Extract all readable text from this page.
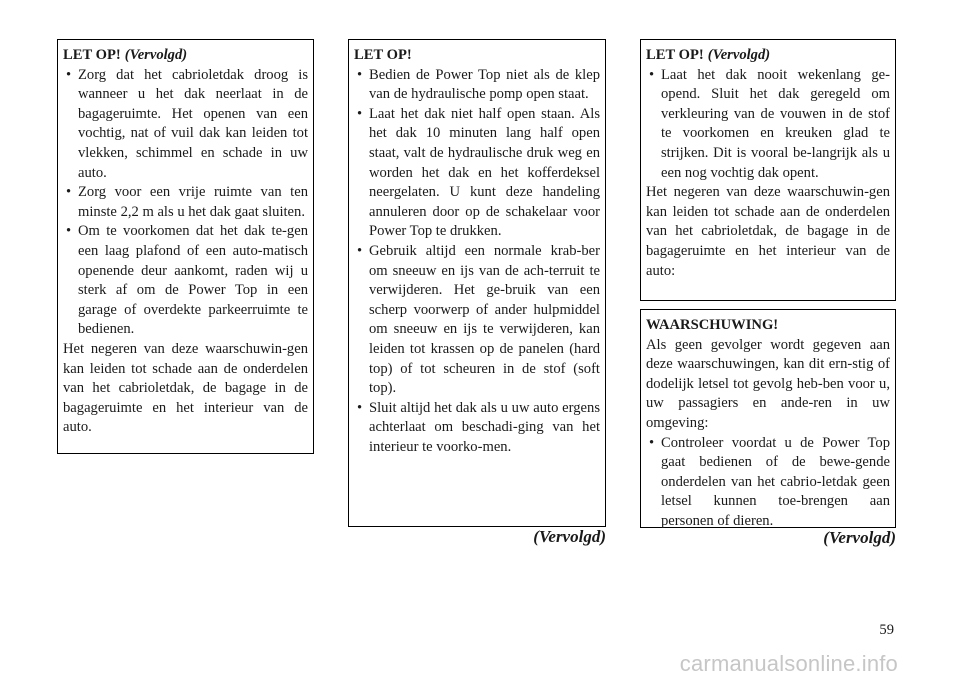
LET OP! (Vervolgd)
• Zorg dat het cabrioletdak droog is wanneer u het dak neerlaat in de bagageruimte. Het openen van een vochtig, nat of vuil dak kan leiden tot vlekken, schimmel en schade in uw auto.
• Zorg voor een vrije ruimte van ten minste 2,2 m als u het dak gaat sluiten.
• Om te voorkomen dat het dak te-gen een laag plafond of een auto-matisch openende deur aankomt, raden wij u sterk af om de Power Top in een garage of overdekte parkeerruimte te bedienen.

Het negeren van deze waarschuwin-gen kan leiden tot schade aan de onderdelen van het cabrioletdak, de bagage in de bagageruimte en het interieur van de auto.

LET OP!
• Bedien de Power Top niet als de klep van de hydraulische pomp open staat.
• Laat het dak niet half open staan. Als het dak 10 minuten lang half open staat, valt de hydraulische druk weg en worden het dak en het kofferdeksel neergelaten. U kunt deze handeling annuleren door op de schakelaar voor Power Top te drukken.
• Gebruik altijd een normale krab-ber om sneeuw en ijs van de ach-terruit te verwijderen. Het ge-bruik van een scherp voorwerp of ander hulpmiddel om sneeuw en ijs te verwijderen, kan leiden tot krassen op de panelen (hard top) of tot scheuren in de stof (soft top).
• Sluit altijd het dak als u uw auto ergens achterlaat om beschadi-ging van het interieur te voorko-men.
(Vervolgd)
LET OP! (Vervolgd)
• Laat het dak nooit wekenlang ge-opend. Sluit het dak geregeld om verkleuring van de vouwen in de stof te voorkomen en kreuken glad te strijken. Dit is vooral be-langrijk als u een nog vochtig dak opent.

Het negeren van deze waarschuwin-gen kan leiden tot schade aan de onderdelen van het cabrioletdak, de bagage in de bagageruimte en het interieur van de auto:

WAARSCHUWING!

Als geen gevolger wordt gegeven aan deze waarschuwingen, kan dit ern-stig of dodelijk letsel tot gevolg heb-ben voor u, uw passagiers en ande-ren in uw omgeving:

• Controleer voordat u de Power Top gaat bedienen of de bewe-gende onderdelen van het cabrio-letdak geen letsel kunnen toe-brengen aan personen of dieren.
(Vervolgd)
59
carmanualsonline.info
